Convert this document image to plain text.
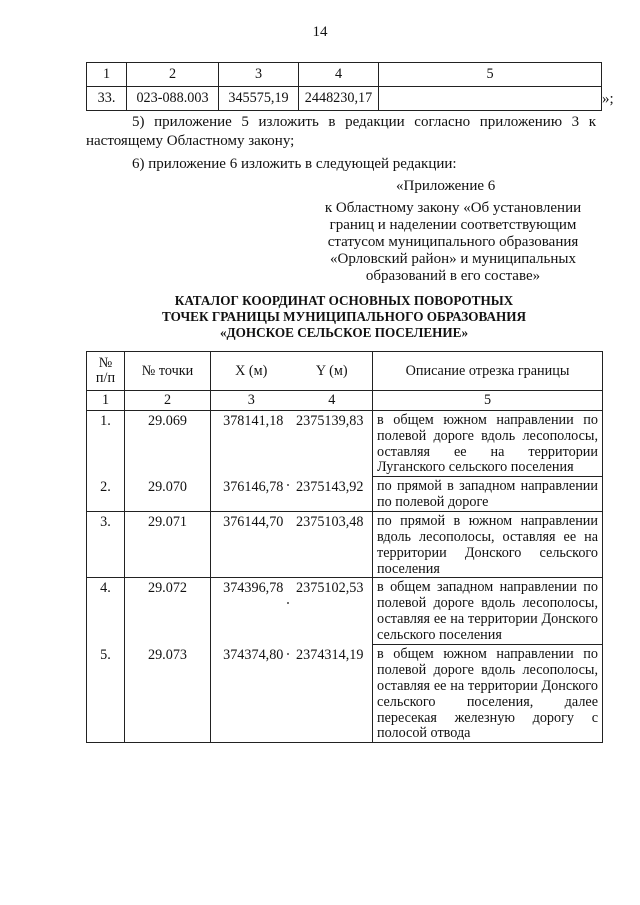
14
1	2	3	4	5
33.	023-088.003	345575,19	2448230,17		»;
5) приложение 5 изложить в редакции согласно приложению 3 к
настоящему Областному закону;
6) приложение 6 изложить в следующей редакции:
«Приложение 6
к Областному закону «Об установлении
границ и наделении соответствующим
статусом муниципального образования
«Орловский район» и муниципальных
образований в его составе»
КАТАЛОГ КООРДИНАТ ОСНОВНЫХ ПОВОРОТНЫХ
ТОЧЕК ГРАНИЦЫ МУНИЦИПАЛЬНОГО ОБРАЗОВАНИЯ
«ДОНСКОЕ СЕЛЬСКОЕ ПОСЕЛЕНИЕ»
№
п/п	№ точки	X (м)	Y (м)	Описание отрезка границы
1	2	3	4	5
1.	29.069	378141,18	2375139,83	в общем южном направлении по полевой дороге вдоль лесополосы, оставляя ее на территории Луганского сельского поселения
2.	29.070	376146,78	2375143,92	по прямой в западном направлении по полевой дороге
3.	29.071	376144,70	2375103,48	по прямой в южном направлении вдоль лесополосы, оставляя ее на территории Донского сельского поселения
4.	29.072	374396,78	2375102,53	в общем западном направлении по полевой дороге вдоль лесополосы, оставляя ее на территории Донского сельского поселения
5.	29.073	374374,80	2374314,19	в общем южном направлении по полевой дороге вдоль лесополосы, оставляя ее на территории Донского сельского поселения, далее пересекая железную дорогу с полосой отвода
